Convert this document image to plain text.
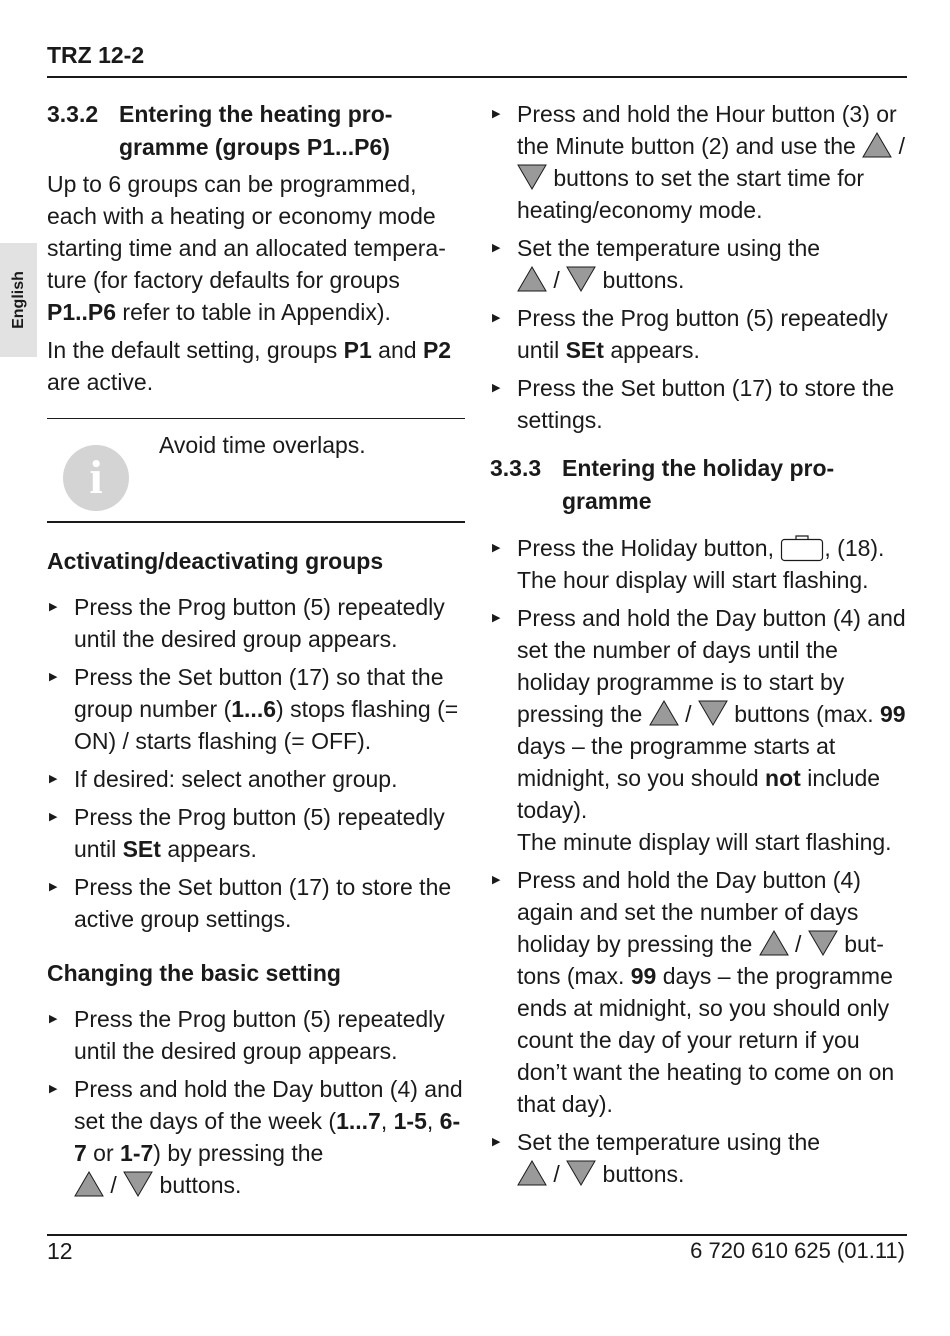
TRZ 12-2
English
3.3.2 Entering the heating pro-gramme (groups P1...P6)

Up to 6 groups can be programmed, each with a heating or economy mode starting time and an allocated tempera-ture (for factory defaults for groups P1..P6 refer to table in Appendix).

In the default setting, groups P1 and P2 are active.

i
Avoid time overlaps.
Activating/deactivating groups
▶ Press the Prog button (5) repeatedly until the desired group appears.
▶ Press the Set button (17) so that the group number (1...6) stops flashing (= ON) / starts flashing (= OFF).
▶ If desired: select another group.
▶ Press the Prog button (5) repeatedly until SEt appears.
▶ Press the Set button (17) to store the active group settings.
Changing the basic setting
▶ Press the Prog button (5) repeatedly until the desired group appears.
▶ Press and hold the Day button (4) and set the days of the week (1...7, 1-5, 6-7 or 1-7) by pressing the
/  buttons.
▶ Press and hold the Hour button (3) or the Minute button (2) and use the  /  buttons to set the start time for heating/economy mode.
▶ Set the temperature using the
/  buttons.
▶ Press the Prog button (5) repeatedly until SEt appears.
▶ Press the Set button (17) to store the settings.
3.3.3 Entering the holiday pro-gramme
▶ Press the Holiday button, , (18). The hour display will start flashing.
▶ Press and hold the Day button (4) and set the number of days until the holiday programme is to start by pressing the  /  buttons (max. 99 days – the programme starts at midnight, so you should not include today).
The minute display will start flashing.
▶ Press and hold the Day button (4) again and set the number of days holiday by pressing the  /  but-tons (max. 99 days – the programme ends at midnight, so you should only count the day of your return if you don’t want the heating to come on on that day).
▶ Set the temperature using the
/  buttons.
12	6 720 610 625 (01.11)
